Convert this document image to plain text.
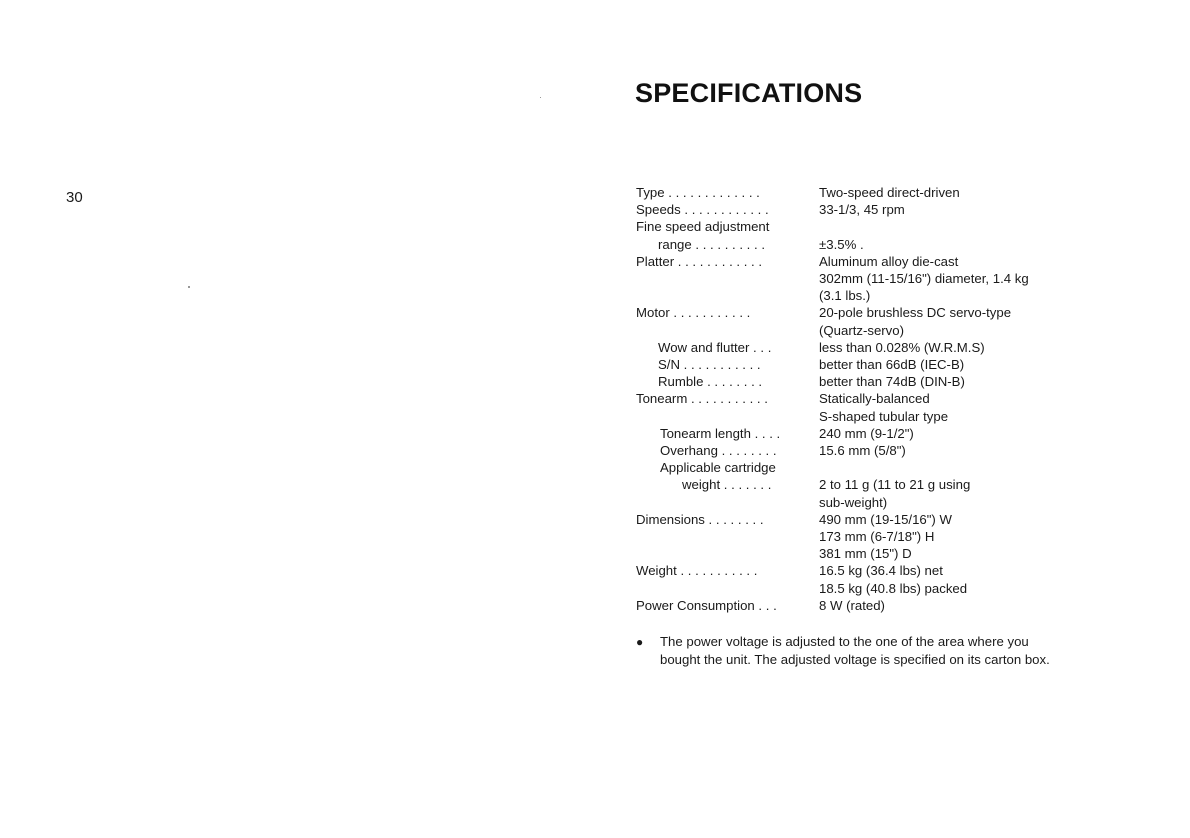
30
SPECIFICATIONS
Type . . . . . . . . . . . . .	Two-speed direct-driven
Speeds . . . . . . . . . . . .	33-1/3, 45 rpm
Fine speed adjustment
range . . . . . . . . . .	±3.5% .
Platter . . . . . . . . . . . .	Aluminum alloy die-cast
302mm (11-15/16") diameter, 1.4 kg
(3.1 lbs.)
Motor . . . . . . . . . . .	20-pole brushless DC servo-type
(Quartz-servo)
Wow and flutter . . .	less than 0.028% (W.R.M.S)
S/N . . . . . . . . . . .	better than 66dB (IEC-B)
Rumble . . . . . . . .	better than 74dB (DIN-B)
Tonearm . . . . . . . . . . .	Statically-balanced
S-shaped tubular type
Tonearm length . . . .	240 mm (9-1/2")
Overhang . . . . . . . .	15.6 mm (5/8")
Applicable cartridge
weight . . . . . . .	2 to 11 g (11 to 21 g using
sub-weight)
Dimensions . . . . . . . .	490 mm (19-15/16") W
173 mm (6-7/18") H
381 mm (15") D
Weight . . . . . . . . . . .	16.5 kg (36.4 lbs) net
18.5 kg (40.8 lbs) packed
Power Consumption . . .	8 W (rated)
●	The power voltage is adjusted to the one of the area where you
bought the unit. The adjusted voltage is specified on its carton box.
